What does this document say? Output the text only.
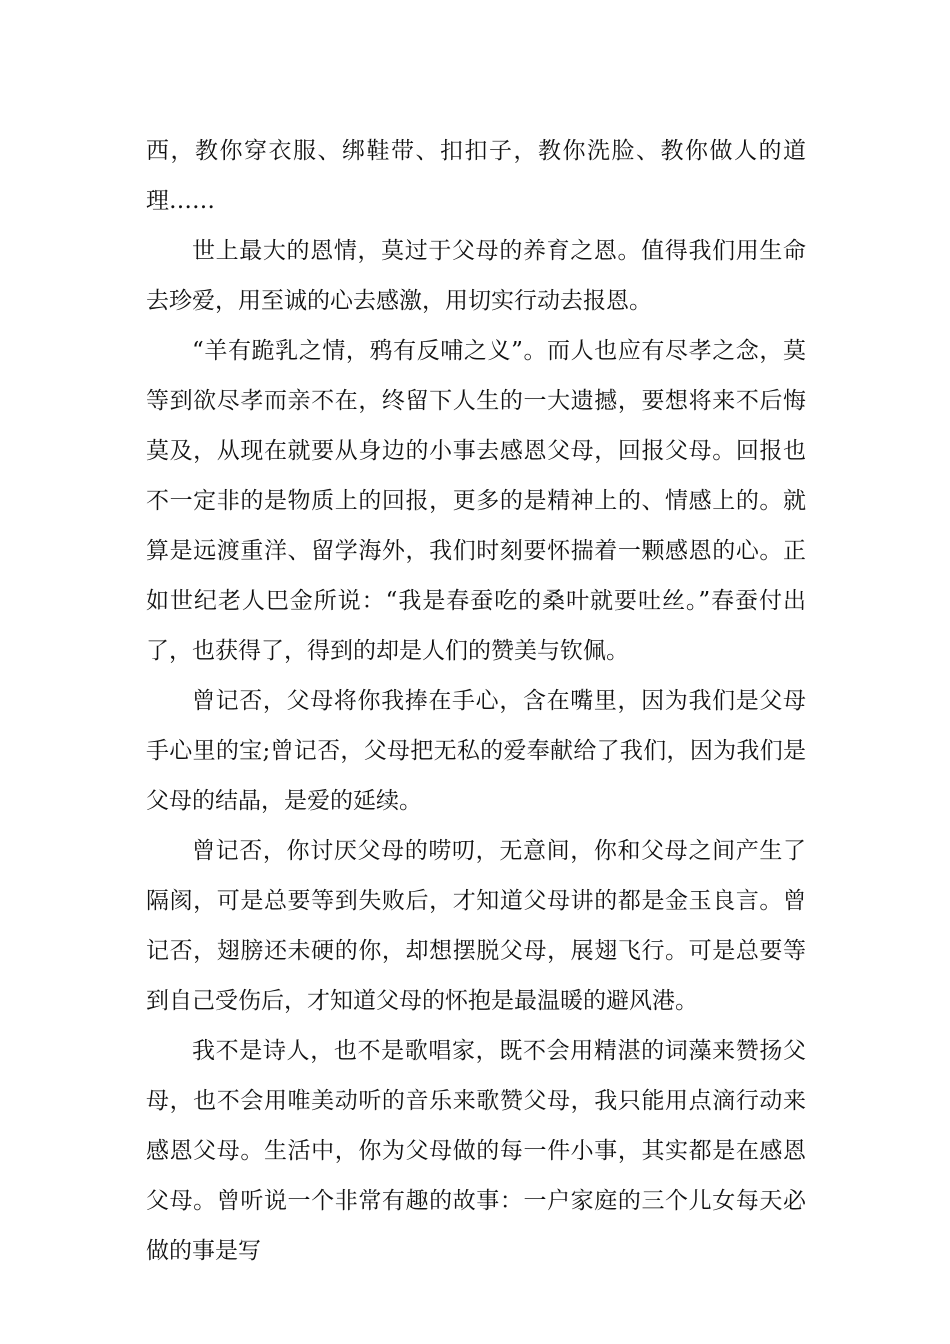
西，教你穿衣服、绑鞋带、扣扣子，教你洗脸、教你做人的道理……

世上最大的恩情，莫过于父母的养育之恩。值得我们用生命去珍爱，用至诚的心去感激，用切实行动去报恩。

“羊有跪乳之情，鸦有反哺之义”。而人也应有尽孝之念，莫等到欲尽孝而亲不在，终留下人生的一大遗撼，要想将来不后悔莫及，从现在就要从身边的小事去感恩父母，回报父母。回报也不一定非的是物质上的回报，更多的是精神上的、情感上的。就算是远渡重洋、留学海外，我们时刻要怀揣着一颗感恩的心。正如世纪老人巴金所说：“我是春蚕吃的桑叶就要吐丝。”春蚕付出了，也获得了，得到的却是人们的赞美与钦佩。

曾记否，父母将你我捧在手心，含在嘴里，因为我们是父母手心里的宝;曾记否，父母把无私的爱奉献给了我们，因为我们是父母的结晶，是爱的延续。

曾记否，你讨厌父母的唠叨，无意间，你和父母之间产生了隔阂，可是总要等到失败后，才知道父母讲的都是金玉良言。曾记否，翅膀还未硬的你，却想摆脱父母，展翅飞行。可是总要等到自己受伤后，才知道父母的怀抱是最温暖的避风港。

我不是诗人，也不是歌唱家，既不会用精湛的词藻来赞扬父母，也不会用唯美动听的音乐来歌赞父母，我只能用点滴行动来感恩父母。生活中，你为父母做的每一件小事，其实都是在感恩父母。曾听说一个非常有趣的故事：一户家庭的三个儿女每天必做的事是写
